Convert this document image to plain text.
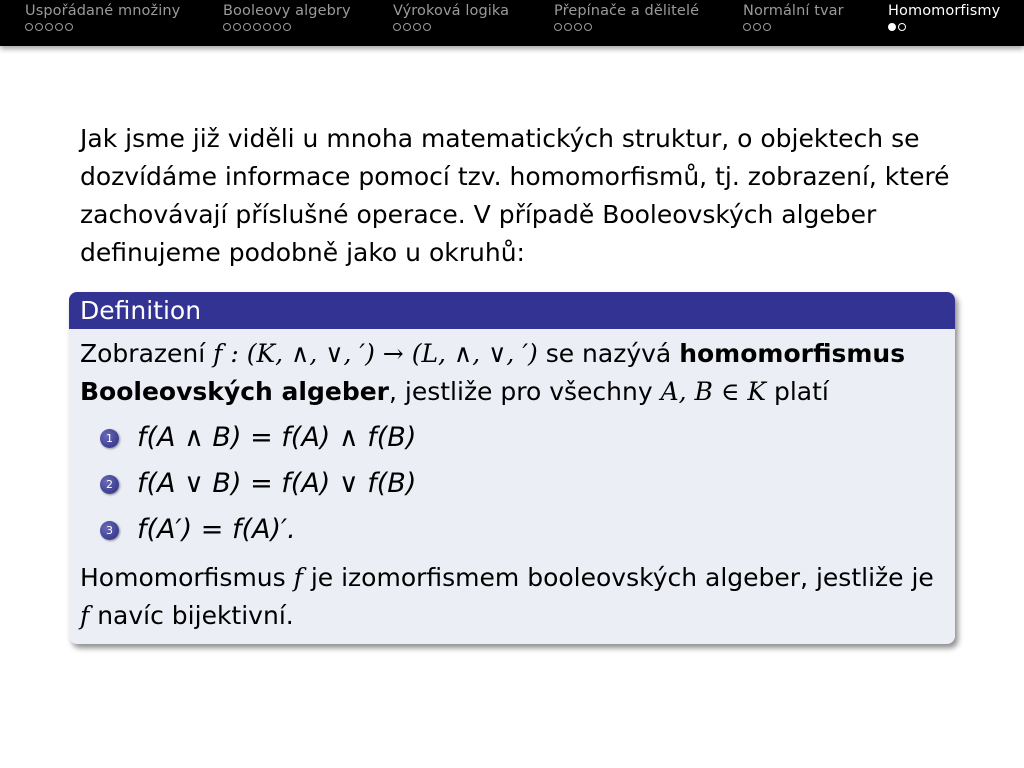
Uspořádané množiny	Booleovy algebry	Výroková logika	Přepínače a dělitelé	Normální tvar	Homomorfismy
Jak jsme již viděli u mnoha matematických struktur, o objektech se dozvídáme informace pomocí tzv. homomorfismů, tj. zobrazení, které zachovávají příslušné operace. V případě Booleovských algeber definujeme podobně jako u okruhů:
Definition
Zobrazení f : (K, ∧, ∨, ′) → (L, ∧, ∨, ′) se nazývá homomorfismus Booleovských algeber, jestliže pro všechny A, B ∈ K platí
1 f(A ∧ B) = f(A) ∧ f(B)
2 f(A ∨ B) = f(A) ∨ f(B)
3 f(A′) = f(A)′.
Homomorfismus f je izomorfismem booleovských algeber, jestliže je f navíc bijektivní.
